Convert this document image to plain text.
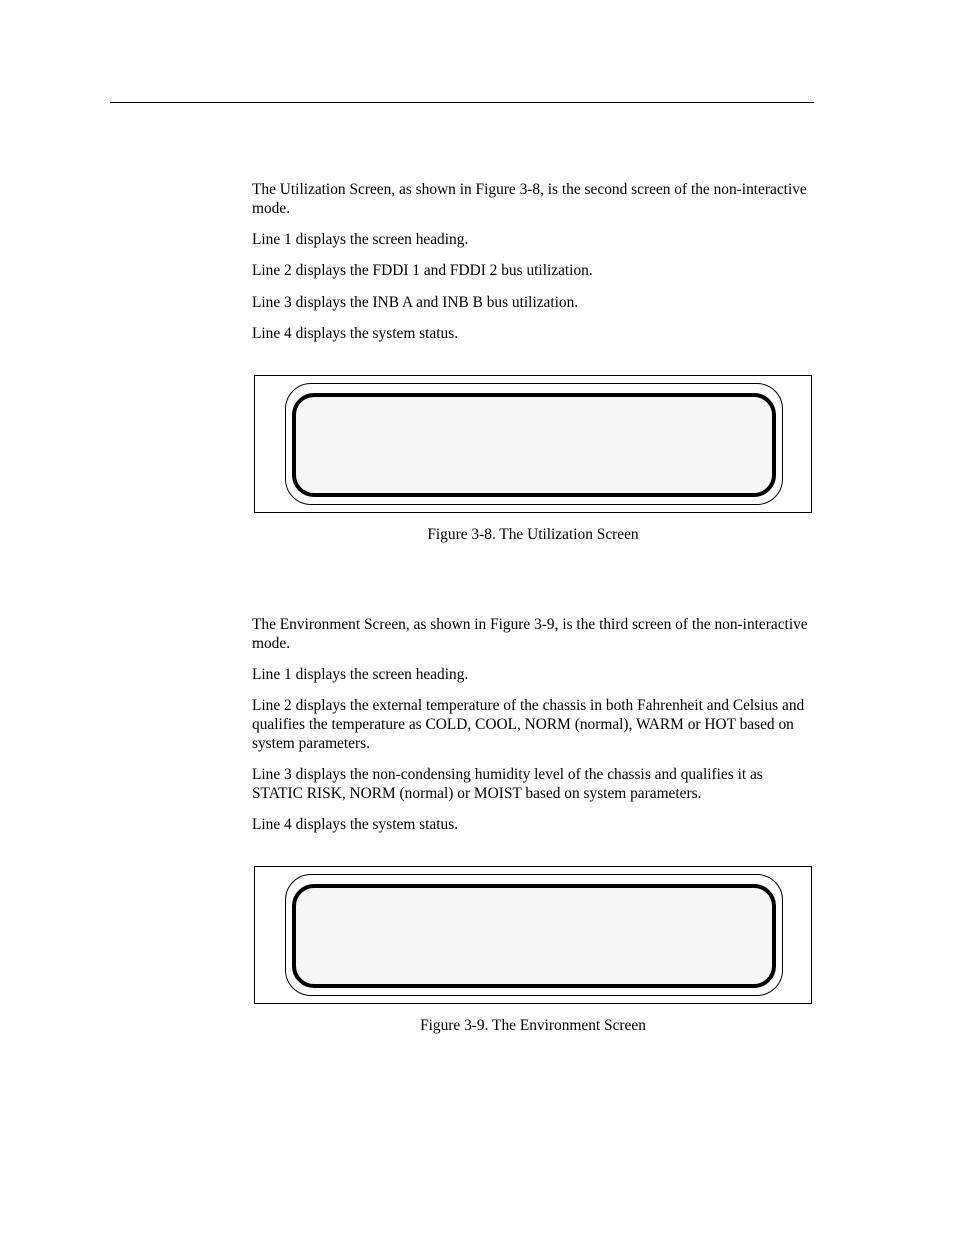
The Utilization Screen, as shown in Figure 3-8, is the second screen of the non-interactive mode.

Line 1 displays the screen heading.

Line 2 displays the FDDI 1 and FDDI 2 bus utilization.

Line 3 displays the INB A and INB B bus utilization.

Line 4 displays the system status.

Figure 3-8. The Utilization Screen

The Environment Screen, as shown in Figure 3-9, is the third screen of the non-interactive mode.

Line 1 displays the screen heading.

Line 2 displays the external temperature of the chassis in both Fahrenheit and Celsius and qualifies the temperature as COLD, COOL, NORM (normal), WARM or HOT based on system parameters.

Line 3 displays the non-condensing humidity level of the chassis and qualifies it as STATIC RISK, NORM (normal) or MOIST based on system parameters.

Line 4 displays the system status.

Figure 3-9. The Environment Screen
